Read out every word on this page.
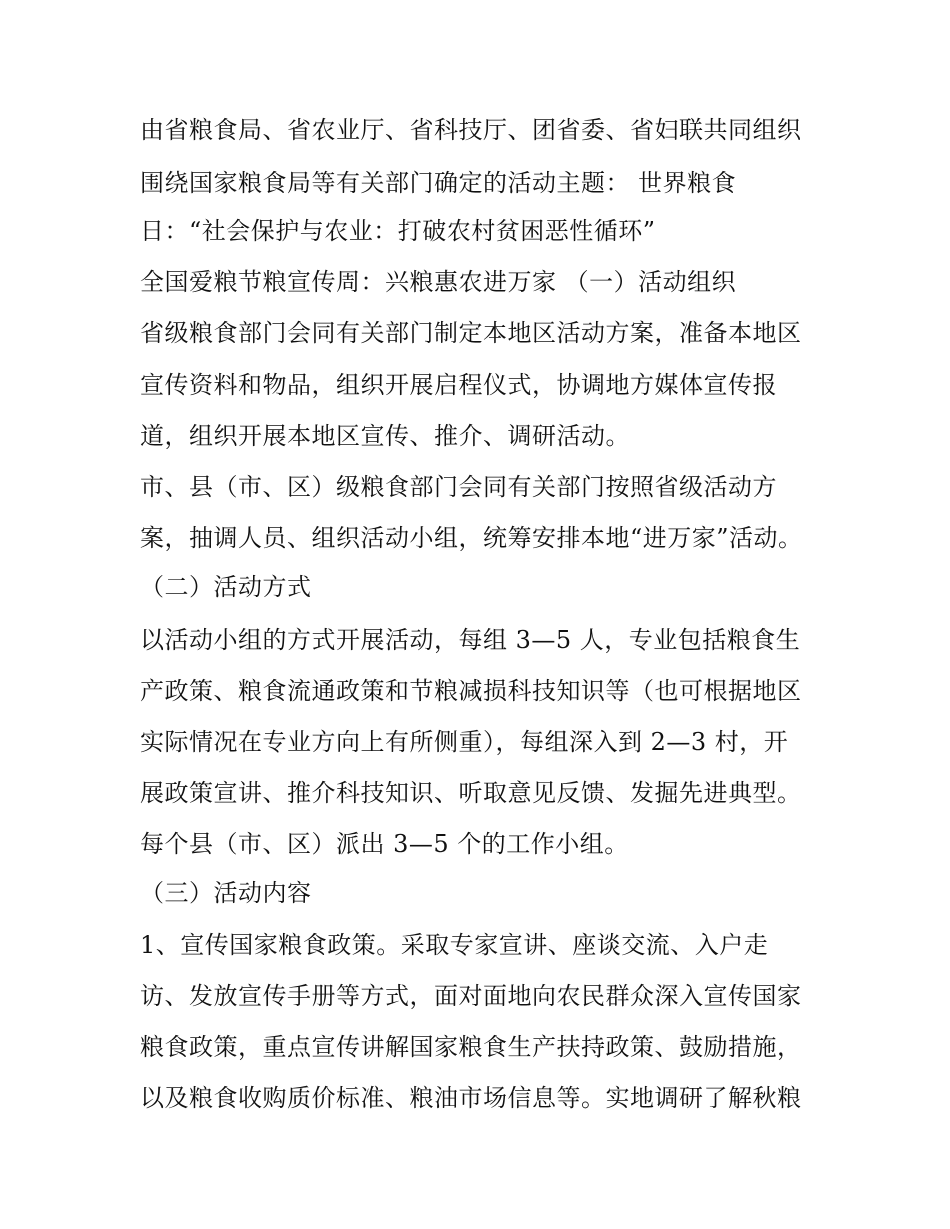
由省粮食局、省农业厅、省科技厅、团省委、省妇联共同组织
围绕国家粮食局等有关部门确定的活动主题： 世界粮食
日：“社会保护与农业：打破农村贫困恶性循环”
全国爱粮节粮宣传周：兴粮惠农进万家 （一）活动组织
省级粮食部门会同有关部门制定本地区活动方案，准备本地区
宣传资料和物品，组织开展启程仪式，协调地方媒体宣传报
道，组织开展本地区宣传、推介、调研活动。
市、县（市、区）级粮食部门会同有关部门按照省级活动方
案，抽调人员、组织活动小组，统筹安排本地“进万家”活动。
（二）活动方式
以活动小组的方式开展活动，每组 3—5 人，专业包括粮食生
产政策、粮食流通政策和节粮减损科技知识等（也可根据地区
实际情况在专业方向上有所侧重），每组深入到 2—3 村，开
展政策宣讲、推介科技知识、听取意见反馈、发掘先进典型。
每个县（市、区）派出 3—5 个的工作小组。
（三）活动内容
1、宣传国家粮食政策。采取专家宣讲、座谈交流、入户走
访、发放宣传手册等方式，面对面地向农民群众深入宣传国家
粮食政策，重点宣传讲解国家粮食生产扶持政策、鼓励措施，
以及粮食收购质价标准、粮油市场信息等。实地调研了解秋粮
